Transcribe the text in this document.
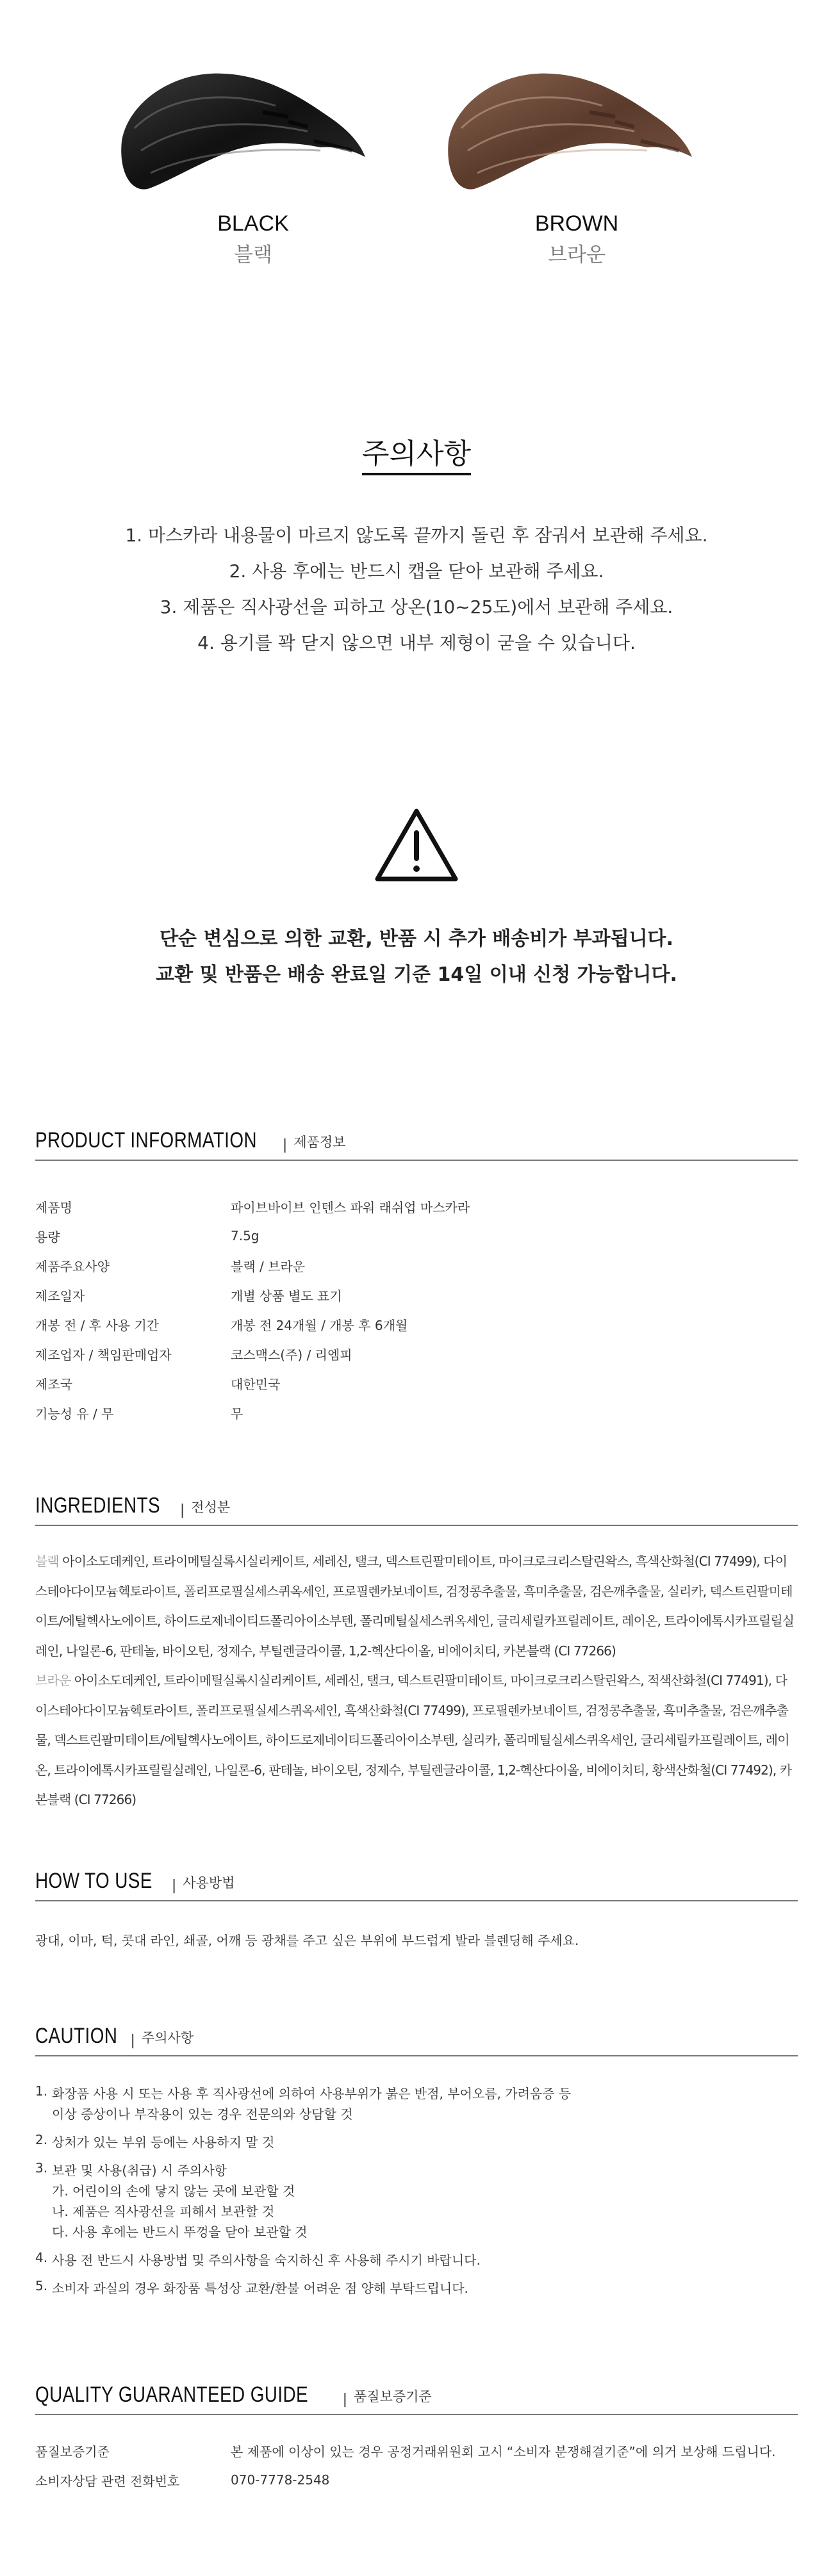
BLACK
블랙
BROWN
브라운
주의사항
1. 마스카라 내용물이 마르지 않도록 끝까지 돌린 후 잠궈서 보관해 주세요.
2. 사용 후에는 반드시 캡을 닫아 보관해 주세요.
3. 제품은 직사광선을 피하고 상온(10~25도)에서 보관해 주세요.
4. 용기를 꽉 닫지 않으면 내부 제형이 굳을 수 있습니다.
단순 변심으로 의한 교환, 반품 시 추가 배송비가 부과됩니다.
교환 및 반품은 배송 완료일 기준 14일 이내 신청 가능합니다.
PRODUCT INFORMATION | 제품정보
제품명	파이브바이브 인텐스 파워 래쉬업 마스카라
용량	7.5g
제품주요사양	블랙 / 브라운
제조일자	개별 상품 별도 표기
개봉 전 / 후 사용 기간	개봉 전 24개월 / 개봉 후 6개월
제조업자 / 책임판매업자	코스맥스(주) / 리엠피
제조국	대한민국
기능성 유 / 무	무
INGREDIENTS | 전성분
블랙 아이소도데케인, 트라이메틸실록시실리케이트, 세레신, 탤크, 덱스트린팔미테이트, 마이크로크리스탈린왁스, 흑색산화철(CI 77499), 다이스테아다이모늄헥토라이트, 폴리프로필실세스퀴옥세인, 프로필렌카보네이트, 검정콩추출물, 흑미추출물, 검은깨추출물, 실리카, 덱스트린팔미테이트/에틸헥사노에이트, 하이드로제네이티드폴리아이소부텐, 폴리메틸실세스퀴옥세인, 글리세릴카프릴레이트, 레이온, 트라이에톡시카프릴릴실레인, 나일론-6, 판테놀, 바이오틴, 정제수, 부틸렌글라이콜, 1,2-헥산다이올, 비에이치티, 카본블랙 (CI 77266)
브라운 아이소도데케인, 트라이메틸실록시실리케이트, 세레신, 탤크, 덱스트린팔미테이트, 마이크로크리스탈린왁스, 적색산화철(CI 77491), 다이스테아다이모늄헥토라이트, 폴리프로필실세스퀴옥세인, 흑색산화철(CI 77499), 프로필렌카보네이트, 검정콩추출물, 흑미추출물, 검은깨추출물, 덱스트린팔미테이트/에틸헥사노에이트, 하이드로제네이티드폴리아이소부텐, 실리카, 폴리메틸실세스퀴옥세인, 글리세릴카프릴레이트, 레이온, 트라이에톡시카프릴릴실레인, 나일론-6, 판테놀, 바이오틴, 정제수, 부틸렌글라이콜, 1,2-헥산다이올, 비에이치티, 황색산화철(CI 77492), 카본블랙 (CI 77266)
HOW TO USE | 사용방법
광대, 이마, 턱, 콧대 라인, 쇄골, 어깨 등 광채를 주고 싶은 부위에 부드럽게 발라 블렌딩해 주세요.
CAUTION | 주의사항
1. 화장품 사용 시 또는 사용 후 직사광선에 의하여 사용부위가 붉은 반점, 부어오름, 가려움증 등
이상 증상이나 부작용이 있는 경우 전문의와 상담할 것
2. 상처가 있는 부위 등에는 사용하지 말 것
3. 보관 및 사용(취급) 시 주의사항
가. 어린이의 손에 닿지 않는 곳에 보관할 것
나. 제품은 직사광선을 피해서 보관할 것
다. 사용 후에는 반드시 뚜껑을 닫아 보관할 것
4. 사용 전 반드시 사용방법 및 주의사항을 숙지하신 후 사용해 주시기 바랍니다.
5. 소비자 과실의 경우 화장품 특성상 교환/환불 어려운 점 양해 부탁드립니다.
QUALITY GUARANTEED GUIDE | 품질보증기준
품질보증기준	본 제품에 이상이 있는 경우 공정거래위원회 고시 “소비자 분쟁해결기준”에 의거 보상해 드립니다.
소비자상담 관련 전화번호	070-7778-2548
